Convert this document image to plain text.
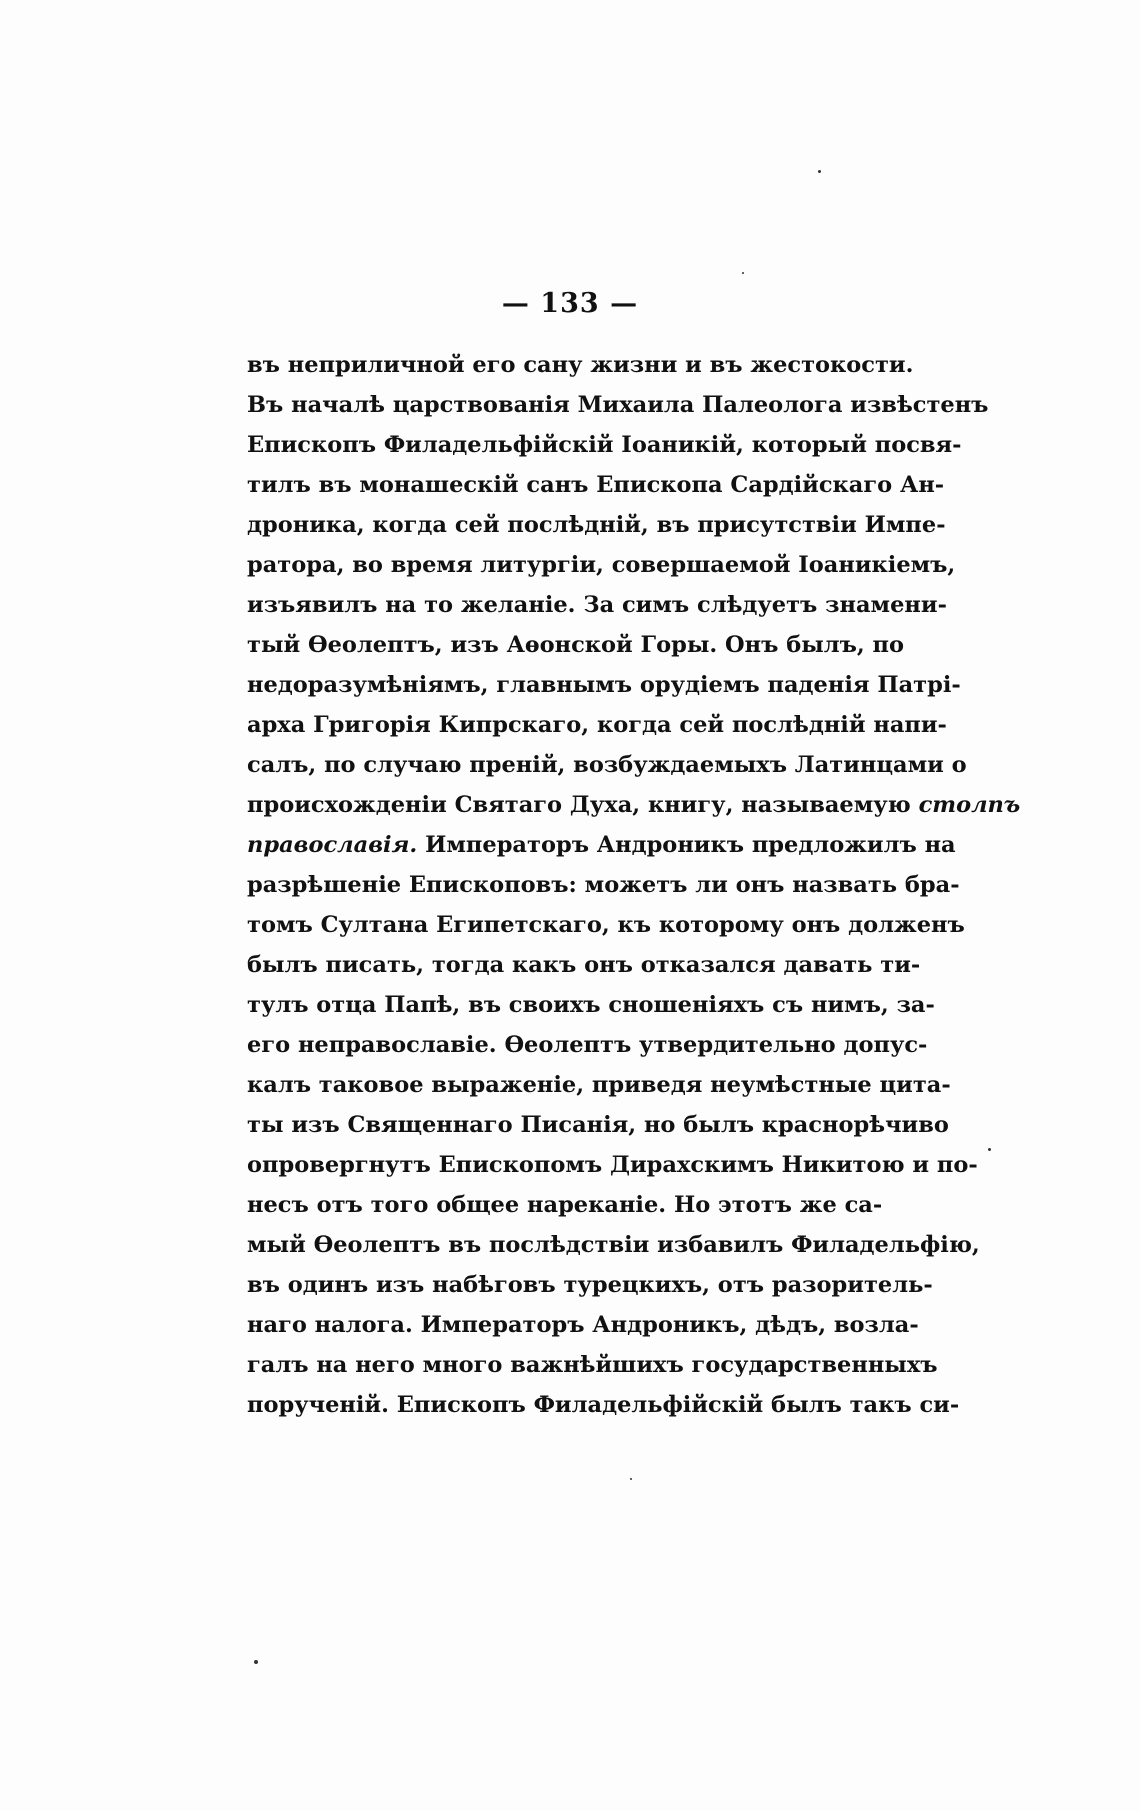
— 133 —
въ неприличной его сану жизни и въ жестокости.
Въ началѣ царствованія Михаила Палеолога извѣстенъ
Епископъ Филадельфійскій Іоаникій, который посвя-
тилъ въ монашескій санъ Епископа Сардійскаго Ан-
дроника, когда сей послѣдній, въ присутствіи Импе-
ратора, во время литургіи, совершаемой Іоаникіемъ,
изъявилъ на то желаніе. За симъ слѣдуетъ знамени-
тый Ѳеолептъ, изъ Аѳонской Горы. Онъ былъ, по
недоразумѣніямъ, главнымъ орудіемъ паденія Патрі-
арха Григорія Кипрскаго, когда сей послѣдній напи-
салъ, по случаю преній, возбуждаемыхъ Латинцами о
происхожденіи Святаго Духа, книгу, называемую столпъ
православія. Императоръ Андроникъ предложилъ на
разрѣшеніе Епископовъ: можетъ ли онъ назвать бра-
томъ Султана Египетскаго, къ которому онъ долженъ
былъ писать, тогда какъ онъ отказался давать ти-
тулъ отца Папѣ, въ своихъ сношеніяхъ съ нимъ, за-
его неправославіе. Ѳеолептъ утвердительно допус-
калъ таковое выраженіе, приведя неумѣстные цита-
ты изъ Священнаго Писанія, но былъ краснорѣчиво
опровергнутъ Епископомъ Дирахскимъ Никитою и по-
несъ отъ того общее нареканіе. Но этотъ же са-
мый Ѳеолептъ въ послѣдствіи избавилъ Филадельфію,
въ одинъ изъ набѣговъ турецкихъ, отъ разоритель-
наго налога. Императоръ Андроникъ, дѣдъ, возла-
галъ на него много важнѣйшихъ государственныхъ
порученій. Епископъ Филадельфійскій былъ такъ си-
